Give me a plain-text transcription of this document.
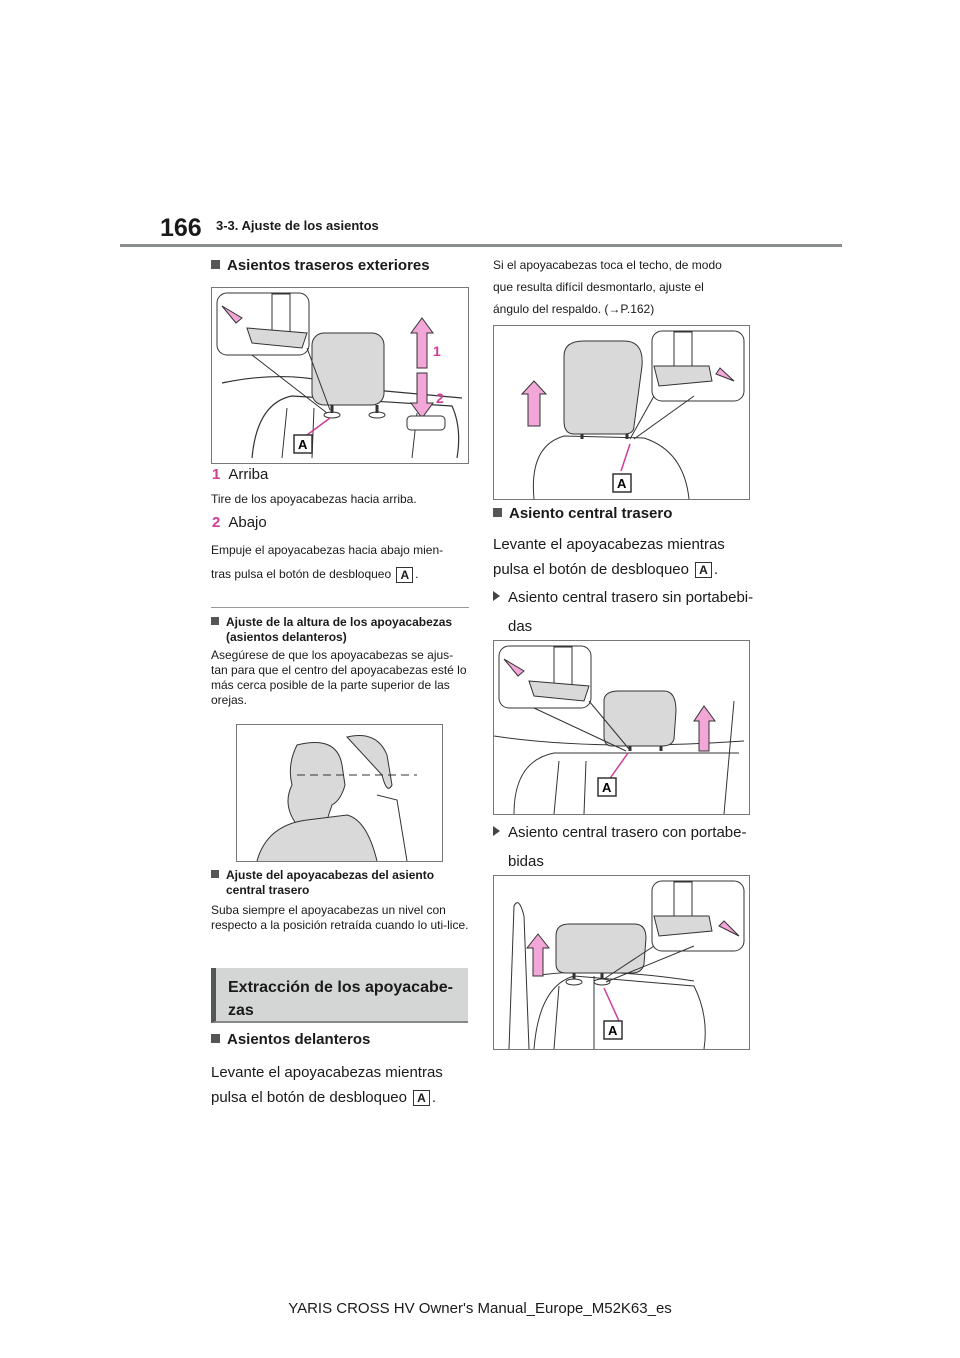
166 3-3. Ajuste de los asientos
Asientos traseros exteriores
A
1
2
1 Arriba
Tire de los apoyacabezas hacia arriba.
2 Abajo
Empuje el apoyacabezas hacia abajo mien-
tras pulsa el botón de desbloqueo A .
Ajuste de la altura de los apoyacabezas
(asientos delanteros)
Asegúrese de que los apoyacabezas se ajus-tan para que el centro del apoyacabezas esté lo más cerca posible de la parte superior de las orejas.
Ajuste del apoyacabezas del asiento
central trasero
Suba siempre el apoyacabezas un nivel con respecto a la posición retraída cuando lo uti-lice.
Extracción de los apoyacabe-zas
Asientos delanteros
Levante el apoyacabezas mientras
pulsa el botón de desbloqueo A .
Si el apoyacabezas toca el techo, de modo
que resulta difícil desmontarlo, ajuste el
ángulo del respaldo. (→P.162)
A
Asiento central trasero
Levante el apoyacabezas mientras
pulsa el botón de desbloqueo A .
Asiento central trasero sin portabebi-
das
A
Asiento central trasero con portabe-
bidas
A
YARIS CROSS HV Owner's Manual_Europe_M52K63_es
